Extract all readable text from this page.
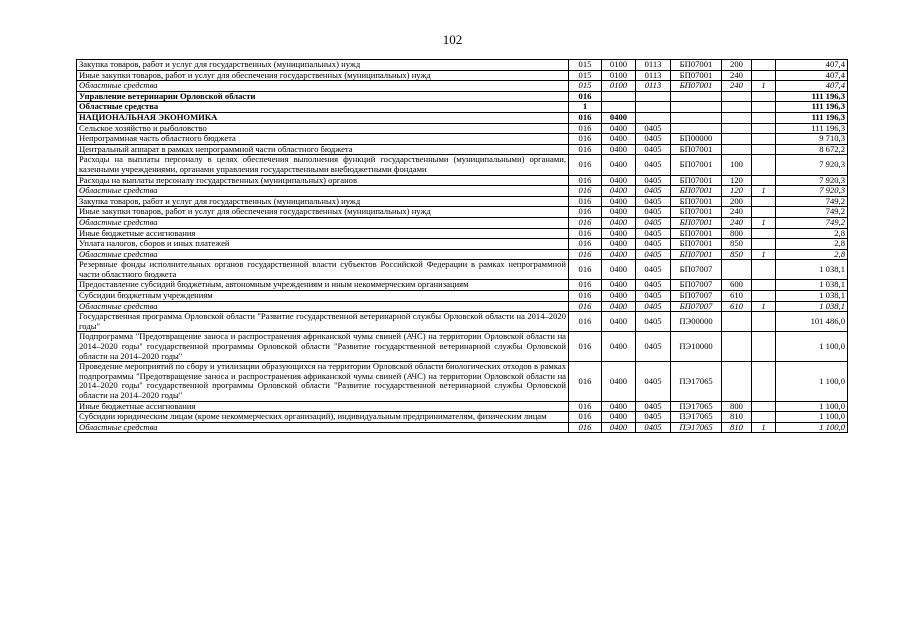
102
Закупка товаров, работ и услуг для государственных (муниципальных) нужд	015	0100	0113	БП07001	200		407,4
Иные закупки товаров, работ и услуг для обеспечения государственных (муниципальных) нужд	015	0100	0113	БП07001	240		407,4
Областные средства	015	0100	0113	БП07001	240	1	407,4
Управление ветеринарии Орловской области	016						111 196,3
Областные средства	1						111 196,3
НАЦИОНАЛЬНАЯ ЭКОНОМИКА	016	0400					111 196,3
Сельское хозяйство и рыболовство	016	0400	0405				111 196,3
Непрограммная часть областного бюджета	016	0400	0405	БП00000			9 710,3
Центральный аппарат в рамках непрограммной части областного бюджета	016	0400	0405	БП07001			8 672,2
Расходы на выплаты персоналу в целях обеспечения выполнения функций государственными (муниципальными) органами, казенными учреждениями, органами управления государственными внебюджетными фондами	016	0400	0405	БП07001	100		7 920,3
Расходы на выплаты персоналу государственных (муниципальных) органов	016	0400	0405	БП07001	120		7 920,3
Областные средства	016	0400	0405	БП07001	120	1	7 920,3
Закупка товаров, работ и услуг для государственных (муниципальных) нужд	016	0400	0405	БП07001	200		749,2
Иные закупки товаров, работ и услуг для обеспечения государственных (муниципальных) нужд	016	0400	0405	БП07001	240		749,2
Областные средства	016	0400	0405	БП07001	240	1	749,2
Иные бюджетные ассигнования	016	0400	0405	БП07001	800		2,8
Уплата налогов, сборов и иных платежей	016	0400	0405	БП07001	850		2,8
Областные средства	016	0400	0405	БП07001	850	1	2,8
Резервные фонды исполнительных органов государственной власти субъектов Российской Федерации в рамках непрограммной части областного бюджета	016	0400	0405	БП07007			1 038,1
Предоставление субсидий бюджетным, автономным учреждениям и иным некоммерческим организациям	016	0400	0405	БП07007	600		1 038,1
Субсидии бюджетным учреждениям	016	0400	0405	БП07007	610		1 038,1
Областные средства	016	0400	0405	БП07007	610	1	1 038,1
Государственная программа Орловской области "Развитие государственной ветеринарной службы Орловской области на 2014–2020 годы"	016	0400	0405	ПЭ00000			101 486,0
Подпрограмма "Предотвращение заноса и распространения африканской чумы свиней (АЧС) на территории Орловской области на 2014–2020 годы" государственной программы Орловской области "Развитие государственной ветеринарной службы Орловской области на 2014–2020 годы"	016	0400	0405	ПЭ10000			1 100,0
Проведение мероприятий по сбору и утилизации образующихся на территории Орловской области биологических отходов в рамках подпрограммы "Предотвращение заноса и распространения африканской чумы свиней (АЧС) на территории Орловской области на 2014–2020 годы" государственной программы Орловской области "Развитие государственной ветеринарной службы Орловской области на 2014–2020 годы"	016	0400	0405	ПЭ17065			1 100,0
Иные бюджетные ассигнования	016	0400	0405	ПЭ17065	800		1 100,0
Субсидии юридическим лицам (кроме некоммерческих организаций), индивидуальным предпринимателям, физическим лицам	016	0400	0405	ПЭ17065	810		1 100,0
Областные средства	016	0400	0405	ПЭ17065	810	1	1 100,0
